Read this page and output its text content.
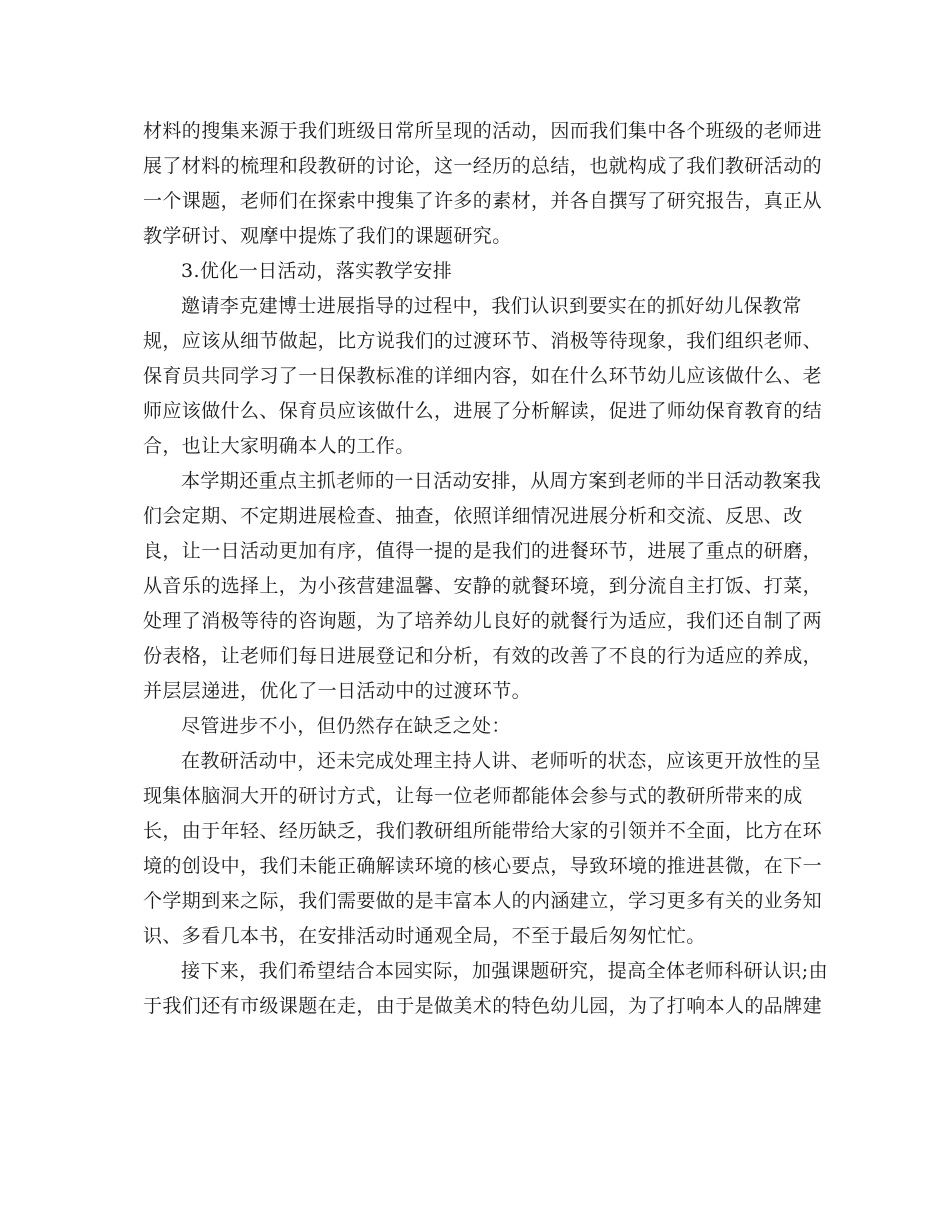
材料的搜集来源于我们班级日常所呈现的活动，因而我们集中各个班级的老师进
展了材料的梳理和段教研的讨论，这一经历的总结，也就构成了我们教研活动的
一个课题，老师们在探索中搜集了许多的素材，并各自撰写了研究报告，真正从
教学研讨、观摩中提炼了我们的课题研究。
3.优化一日活动，落实教学安排
邀请李克建博士进展指导的过程中，我们认识到要实在的抓好幼儿保教常
规，应该从细节做起，比方说我们的过渡环节、消极等待现象，我们组织老师、
保育员共同学习了一日保教标准的详细内容，如在什么环节幼儿应该做什么、老
师应该做什么、保育员应该做什么，进展了分析解读，促进了师幼保育教育的结
合，也让大家明确本人的工作。
本学期还重点主抓老师的一日活动安排，从周方案到老师的半日活动教案我
们会定期、不定期进展检查、抽查，依照详细情况进展分析和交流、反思、改
良，让一日活动更加有序，值得一提的是我们的进餐环节，进展了重点的研磨，
从音乐的选择上，为小孩营建温馨、安静的就餐环境，到分流自主打饭、打菜，
处理了消极等待的咨询题，为了培养幼儿良好的就餐行为适应，我们还自制了两
份表格，让老师们每日进展登记和分析，有效的改善了不良的行为适应的养成，
并层层递进，优化了一日活动中的过渡环节。
尽管进步不小，但仍然存在缺乏之处：
在教研活动中，还未完成处理主持人讲、老师听的状态，应该更开放性的呈
现集体脑洞大开的研讨方式，让每一位老师都能体会参与式的教研所带来的成
长，由于年轻、经历缺乏，我们教研组所能带给大家的引领并不全面，比方在环
境的创设中，我们未能正确解读环境的核心要点，导致环境的推进甚微，在下一
个学期到来之际，我们需要做的是丰富本人的内涵建立，学习更多有关的业务知
识、多看几本书，在安排活动时通观全局，不至于最后匆匆忙忙。
接下来，我们希望结合本园实际，加强课题研究，提高全体老师科研认识;由
于我们还有市级课题在走，由于是做美术的特色幼儿园，为了打响本人的品牌建
